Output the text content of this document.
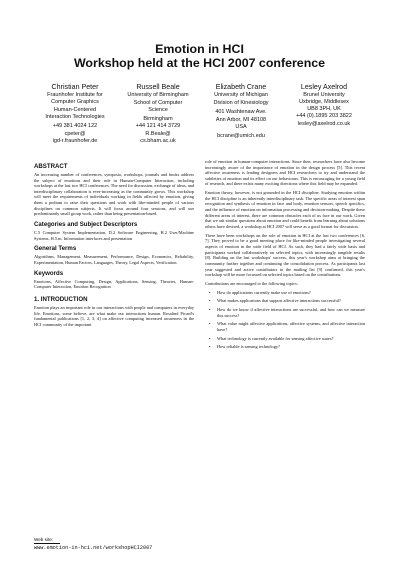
Emotion in HCI
Workshop held at the HCI 2007 conference
Christian Peter
Fraunhofer Institute for
Computer Graphics
Human-Centered
Interaction Technologies
+49 381 4024 122
cpeter@
igd-r.fraunhofer.de
Russell Beale
University of Birmingham
School of Computer
Science
Birmingham
+44 121 414 3729
R.Beale@
cs.bham.ac.uk
Elizabeth Crane
University of Michigan
Division of Kinesiology
401 Washtenaw Ave.
Ann Arbor, MI 48108
USA
bcrane@umich.edu
Lesley Axelrod
Brunel University
Uxbridge, Middlesex
UB8 3PH, UK
+44 (0).1895 203 3822
lesley@axelrod.co.uk
ABSTRACT

An increasing number of conferences, symposia, workshops, journals and books address the subject of emotions and their role in Human-Computer Interaction, including workshops at the last two HCI conferences. The need for discussion, exchange of ideas, and interdisciplinary collaboration is ever-increasing as the community grows. This workshop will meet the requirements of individuals working in fields affected by emotion, giving them a podium to raise their questions and work with like-minded people of various disciplines on common subjects. It will focus around four sessions, and will use predominantly small group work, rather than being presentation-based.

Categories and Subject Descriptors

C.5 Computer System Implementation, D.2 Software Engineering, H.2 User/Machine Systems, H.5.m. Information interfaces and presentation

General Terms

Algorithms, Management, Measurement, Performance, Design, Economics, Reliability, Experimentation, Human Factors, Languages, Theory, Legal Aspects, Verification.

Keywords

Emotions, Affective Computing, Design, Applications, Sensing, Theories, Human-Computer Interaction, Emotion Recognition

1. INTRODUCTION

Emotion plays an important role in our interactions with people and computers in everyday life. Emotions, some believe, are what make our interactions human. Rosalind Picard's fundamental publications [1, 2, 3, 4] on affective computing increased awareness in the HCI community of the important

role of emotion in human-computer interactions. Since then, researchers have also become increasingly aware of the importance of emotion in the design process [5]. This recent affective awareness is leading designers and HCI researchers to try and understand the subtleties of emotion and its effect on our behaviours. This is encouraging for a young field of research, and there exists many exciting directions where this field may be expanded.

Emotion theory, however, is not grounded in the HCI discipline. Studying emotion within the HCI discipline is an inherently interdisciplinary task. The specific areas of interest span recognition and synthesis of emotion in face and body, emotion sensors, speech specifics, and the influence of emotion on information processing and decision-making. Despite these different areas of interest, there are common obstacles each of us face in our work. Given that we ask similar questions about emotion and could benefit from learning about solutions others have devised, a workshop at HCI 2007 will serve as a good format for discussion.

There have been workshops on the role of emotion in HCI at the last two conferences [6, 7]. They proved to be a good meeting place for like-minded people investigating several aspects of emotion in the wide field of HCI. As such, they had a fairly wide basis and participants worked collaboratively on selected topics, with increasingly tangible results [8]. Building on the last workshops' success, this year's workshop aims at bringing the community further together and continuing the consolidation process. As participants last year suggested and active contributors to the mailing list [9] confirmed, this year's workshop will be more focussed on selected topics based on the contributions.

Contributions are encouraged to the following topics:

• How do applications currently make use of emotions?
• What makes applications that support affective interactions successful?
• How do we know if affective interactions are successful, and how can we measure this success?
• What value might affective applications, affective systems, and affective interaction have?
• What technology is currently available for sensing affective states?
• How reliable is sensing technology?
Web site:
www.emotion-in-hci.net/workshopHCI2007
